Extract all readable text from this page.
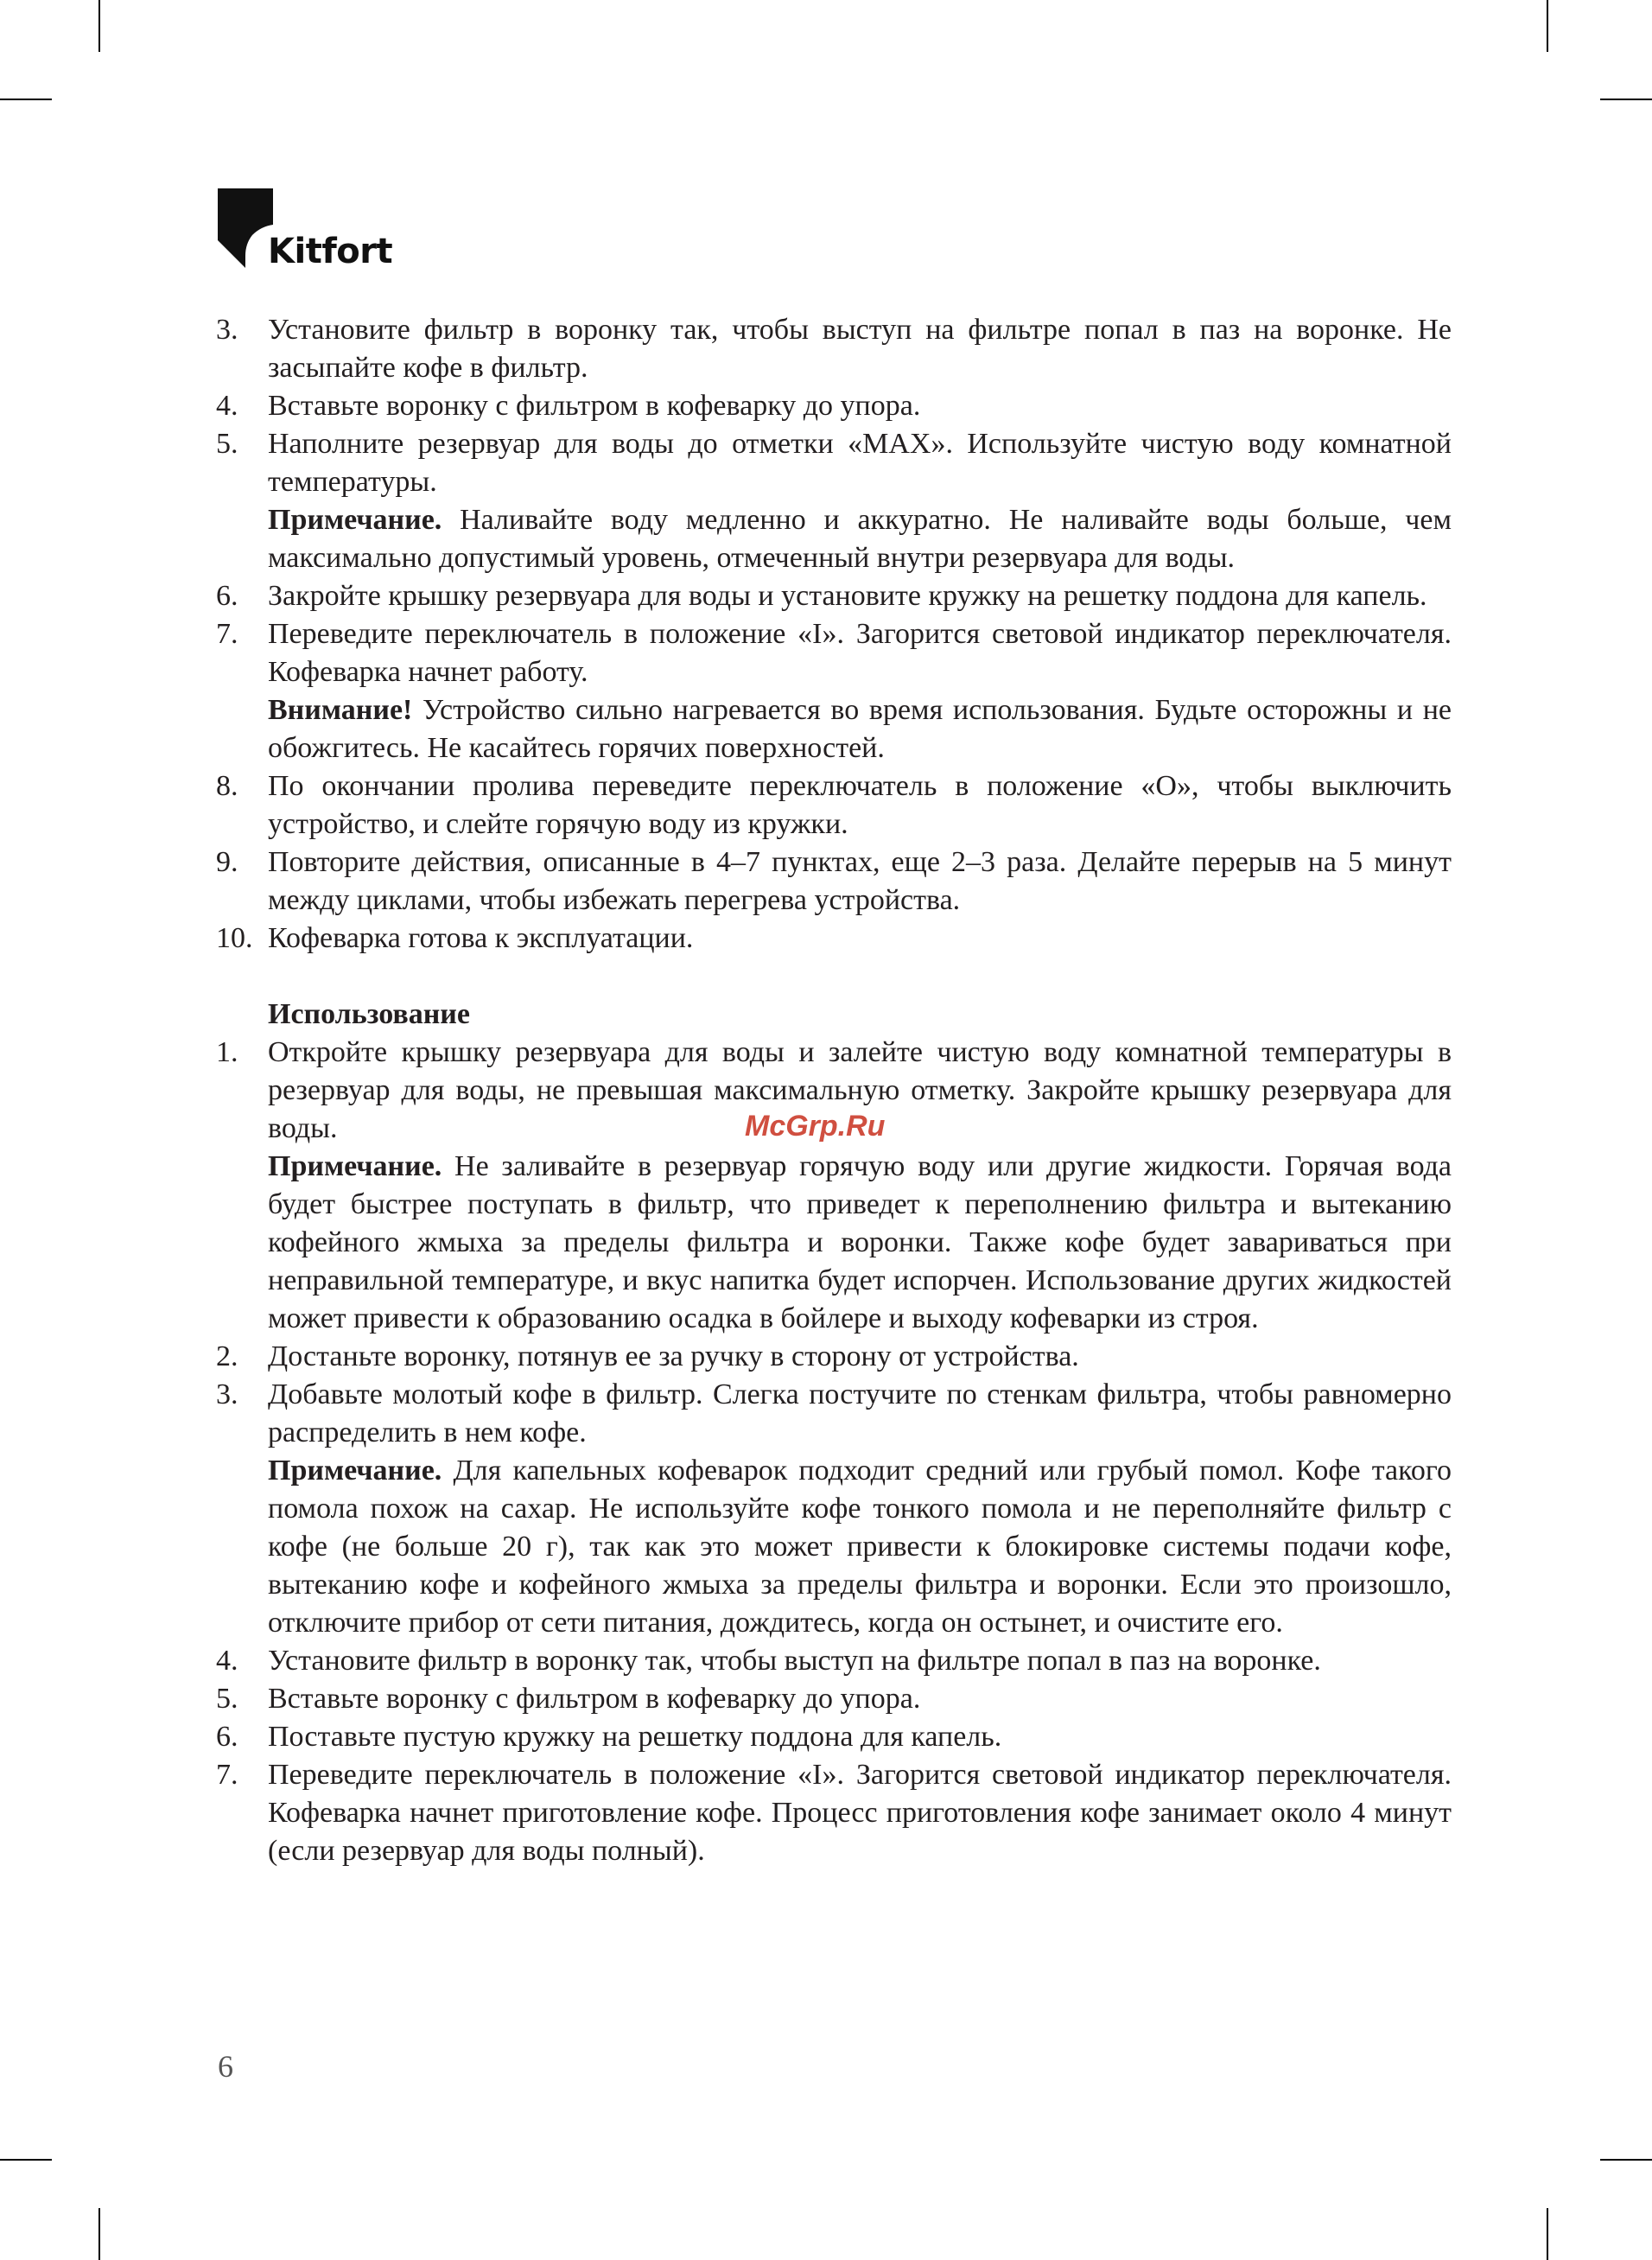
Kitfort
3. Установите фильтр в воронку так, чтобы выступ на фильтре попал в паз на воронке. Не засыпайте кофе в фильтр.
4. Вставьте воронку с фильтром в кофеварку до упора.
5. Наполните резервуар для воды до отметки «MAX». Используйте чистую воду комнатной температуры.
Примечание. Наливайте воду медленно и аккуратно. Не наливайте воды больше, чем максимально допустимый уровень, отмеченный внутри резервуара для воды.
6. Закройте крышку резервуара для воды и установите кружку на решетку поддона для капель.
7. Переведите переключатель в положение «I». Загорится световой индикатор переключателя. Кофеварка начнет работу.
Внимание! Устройство сильно нагревается во время использования. Будьте осторожны и не обожгитесь. Не касайтесь горячих поверхностей.
8. По окончании пролива переведите переключатель в положение «O», чтобы выключить устройство, и слейте горячую воду из кружки.
9. Повторите действия, описанные в 4–7 пунктах, еще 2–3 раза. Делайте перерыв на 5 минут между циклами, чтобы избежать перегрева устройства.
10. Кофеварка готова к эксплуатации.
Использование
1. Откройте крышку резервуара для воды и залейте чистую воду комнатной температуры в резервуар для воды, не превышая максимальную отметку. Закройте крышку резервуара для воды.
Примечание. Не заливайте в резервуар горячую воду или другие жидкости. Горячая вода будет быстрее поступать в фильтр, что приведет к переполнению фильтра и вытеканию кофейного жмыха за пределы фильтра и воронки. Также кофе будет завариваться при неправильной температуре, и вкус напитка будет испорчен. Использование других жидкостей может привести к образованию осадка в бойлере и выходу кофеварки из строя.
2. Достаньте воронку, потянув ее за ручку в сторону от устройства.
3. Добавьте молотый кофе в фильтр. Слегка постучите по стенкам фильтра, чтобы равномерно распределить в нем кофе.
Примечание. Для капельных кофеварок подходит средний или грубый помол. Кофе такого помола похож на сахар. Не используйте кофе тонкого помола и не переполняйте фильтр с кофе (не больше 20 г), так как это может привести к блокировке системы подачи кофе, вытеканию кофе и кофейного жмыха за пределы фильтра и воронки. Если это произошло, отключите прибор от сети питания, дождитесь, когда он остынет, и очистите его.
4. Установите фильтр в воронку так, чтобы выступ на фильтре попал в паз на воронке.
5. Вставьте воронку с фильтром в кофеварку до упора.
6. Поставьте пустую кружку на решетку поддона для капель.
7. Переведите переключатель в положение «I». Загорится световой индикатор переключателя. Кофеварка начнет приготовление кофе. Процесс приготовления кофе занимает около 4 минут (если резервуар для воды полный).
McGrp.Ru
6
